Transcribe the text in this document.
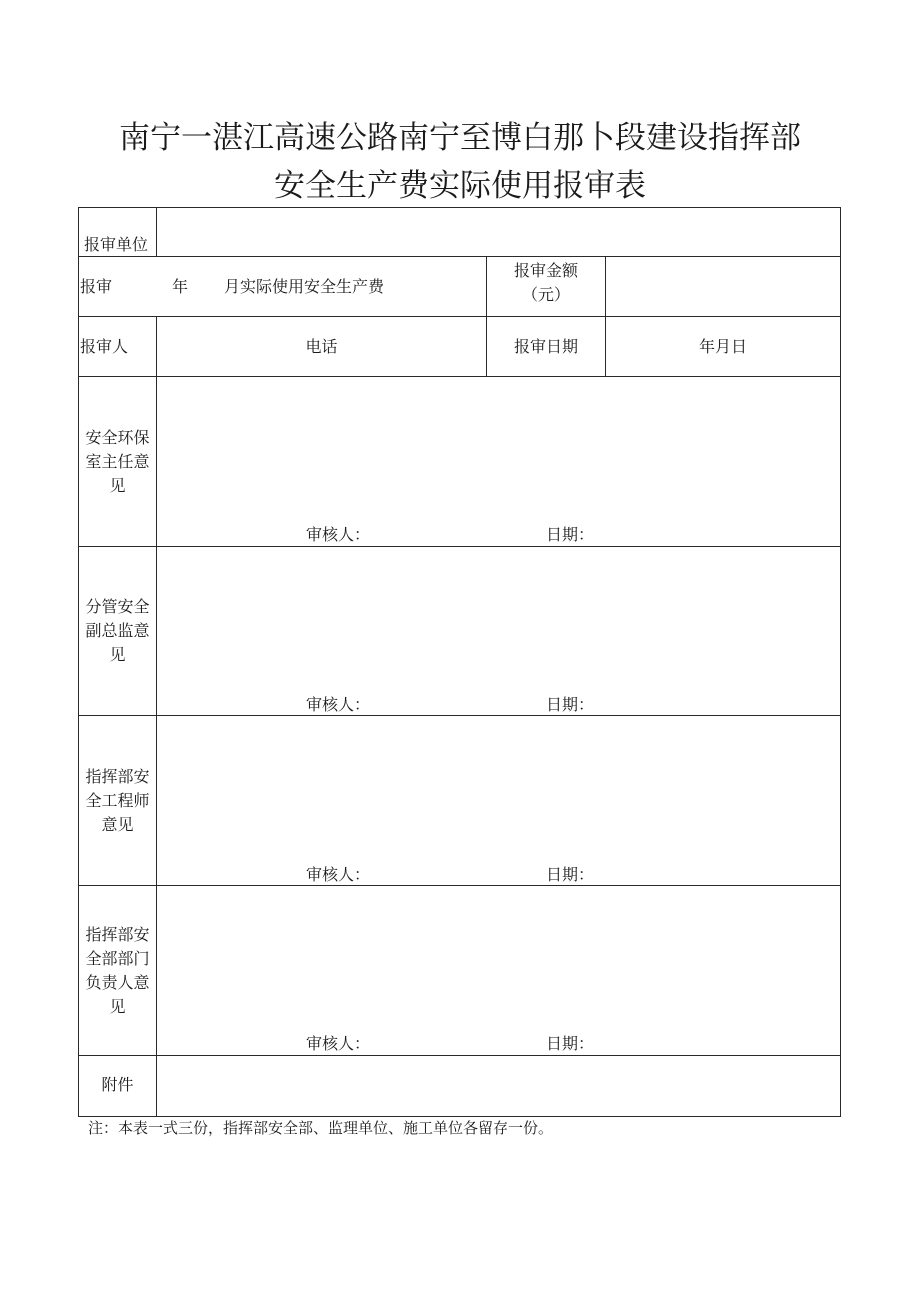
南宁一湛江高速公路南宁至博白那卜段建设指挥部
安全生产费实际使用报审表
报审单位
报审	年 月实际使用安全生产费
报审金额
（元）
报审人	电话	报审日期	年月日
安全环保
室主任意
见
审核人：	日期：
分管安全
副总监意
见
审核人：	日期：
指挥部安
全工程师
意见
审核人：	日期：
指挥部安
全部部门
负责人意
见
审核人：	日期：
附件
注：本表一式三份，指挥部安全部、监理单位、施工单位各留存一份。
